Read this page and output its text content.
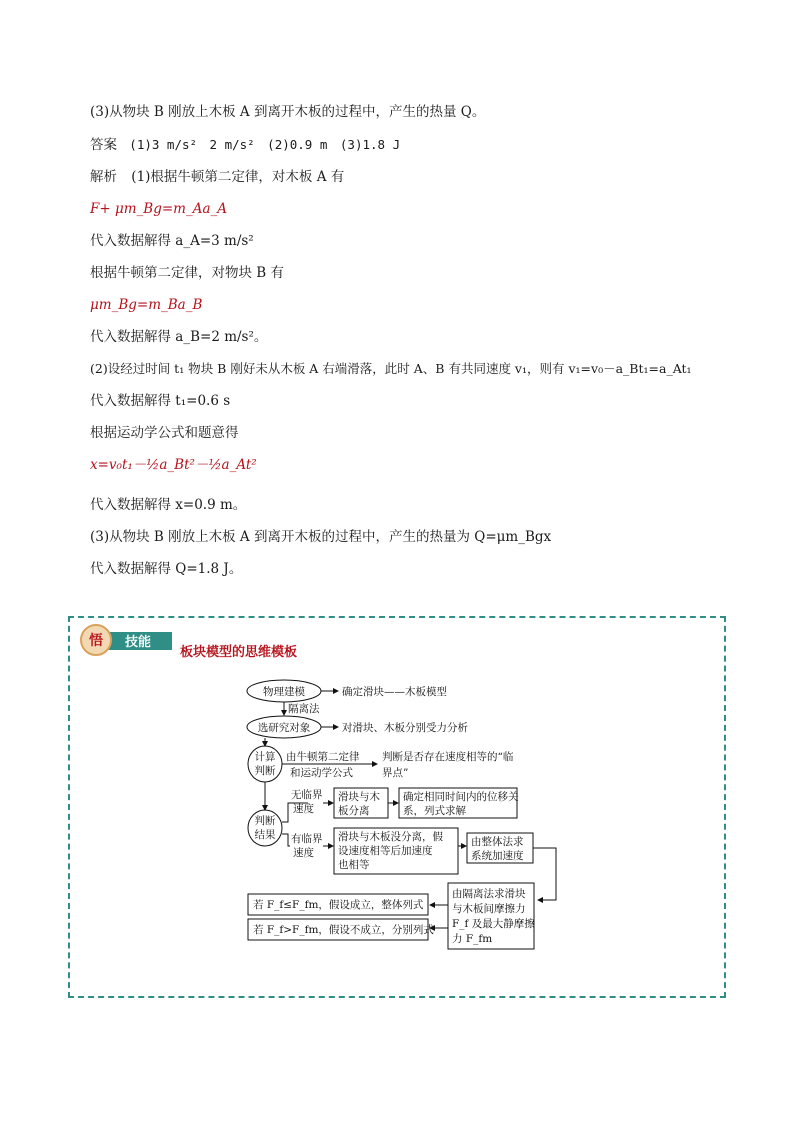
(3)从物块 B 刚放上木板 A 到离开木板的过程中，产生的热量 Q。
答案 (1)3 m/s²　2 m/s²　(2)0.9 m　(3)1.8 J
解析 (1)根据牛顿第二定律，对木板 A 有
F+ μm_Bg=m_Aa_A
代入数据解得 a_A=3 m/s²
根据牛顿第二定律，对物块 B 有
μm_Bg=m_Ba_B
代入数据解得 a_B=2 m/s²。
(2)设经过时间 t₁ 物块 B 刚好未从木板 A 右端滑落，此时 A、B 有共同速度 v₁，则有 v₁=v₀－a_Bt₁=a_At₁
代入数据解得 t₁=0.6 s
根据运动学公式和题意得
x=v₀t₁－½a_Bt²－½a_At²
代入数据解得 x=0.9 m。
(3)从物块 B 刚放上木板 A 到离开木板的过程中，产生的热量为 Q=μm_Bgx
代入数据解得 Q=1.8 J。
悟 技能
板块模型的思维模板
物理建模	确定滑块——木板模型
隔离法
选研究对象	对滑块、木板分别受力分析
计算
判断
由牛顿第二定律
和运动学公式
判断是否存在速度相等的“临
界点”
判断
结果
无临界
速度
滑块与木
板分离
确定相同时间内的位移关
系，列式求解
有临界
速度
滑块与木板没分离，假
设速度相等后加速度
也相等
由整体法求
系统加速度
由隔离法求滑块
与木板间摩擦力
F_f 及最大静摩擦
力 F_fm
若 F_f≤F_fm，假设成立，整体列式
若 F_f>F_fm，假设不成立，分别列式
